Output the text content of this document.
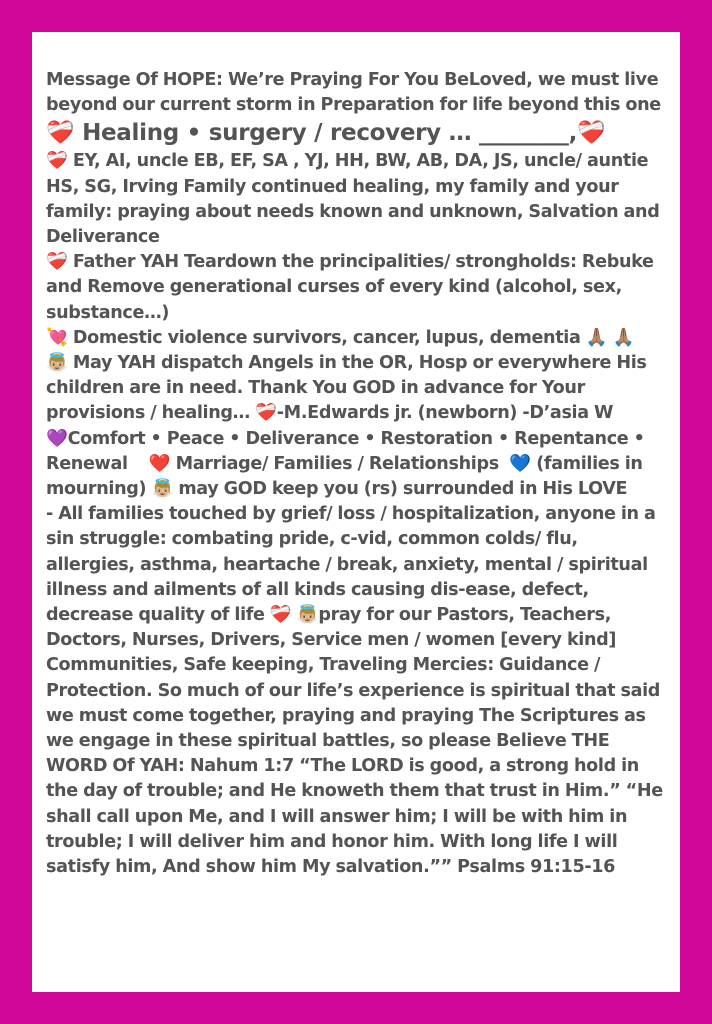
Message Of HOPE: We’re Praying For You BeLoved, we must live beyond our current storm in Preparation for life beyond this one

❤️‍🩹 Healing • surgery / recovery … ________,❤️‍🩹

❤️‍🩹 EY, AI, uncle EB, EF, SA , YJ, HH, BW, AB, DA, JS, uncle/ auntie HS, SG, Irving Family continued healing, my family and your family: praying about needs known and unknown, Salvation and Deliverance

❤️‍🩹 Father YAH Teardown the principalities/ strongholds: Rebuke and Remove generational curses of every kind (alcohol, sex, substance…)

💘 Domestic violence survivors, cancer, lupus, dementia 🙏🏽 🙏🏽

👼🏼 May YAH dispatch Angels in the OR, Hosp or everywhere His children are in need. Thank You GOD in advance for Your provisions / healing… ❤️‍🩹-M.Edwards jr. (newborn) -D’asia W

💜Comfort • Peace • Deliverance • Restoration • Repentance • Renewal ❤️ Marriage/ Families / Relationships 💙 (families in mourning) 👼🏼 may GOD keep you (rs) surrounded in His LOVE

- All families touched by grief/ loss / hospitalization, anyone in a sin struggle: combating pride, c-vid, common colds/ flu, allergies, asthma, heartache / break, anxiety, mental / spiritual illness and ailments of all kinds causing dis-ease, defect, decrease quality of life ❤️‍🩹 👼🏼pray for our Pastors, Teachers, Doctors, Nurses, Drivers, Service men / women [every kind] Communities, Safe keeping, Traveling Mercies: Guidance / Protection. So much of our life’s experience is spiritual that said we must come together, praying and praying The Scriptures as we engage in these spiritual battles, so please Believe THE WORD Of YAH: Nahum 1:7 “The LORD is good, a strong hold in the day of trouble; and He knoweth them that trust in Him.” “He shall call upon Me, and I will answer him; I will be with him in trouble; I will deliver him and honor him. With long life I will satisfy him, And show him My salvation.”” Psalms 91:15-16
